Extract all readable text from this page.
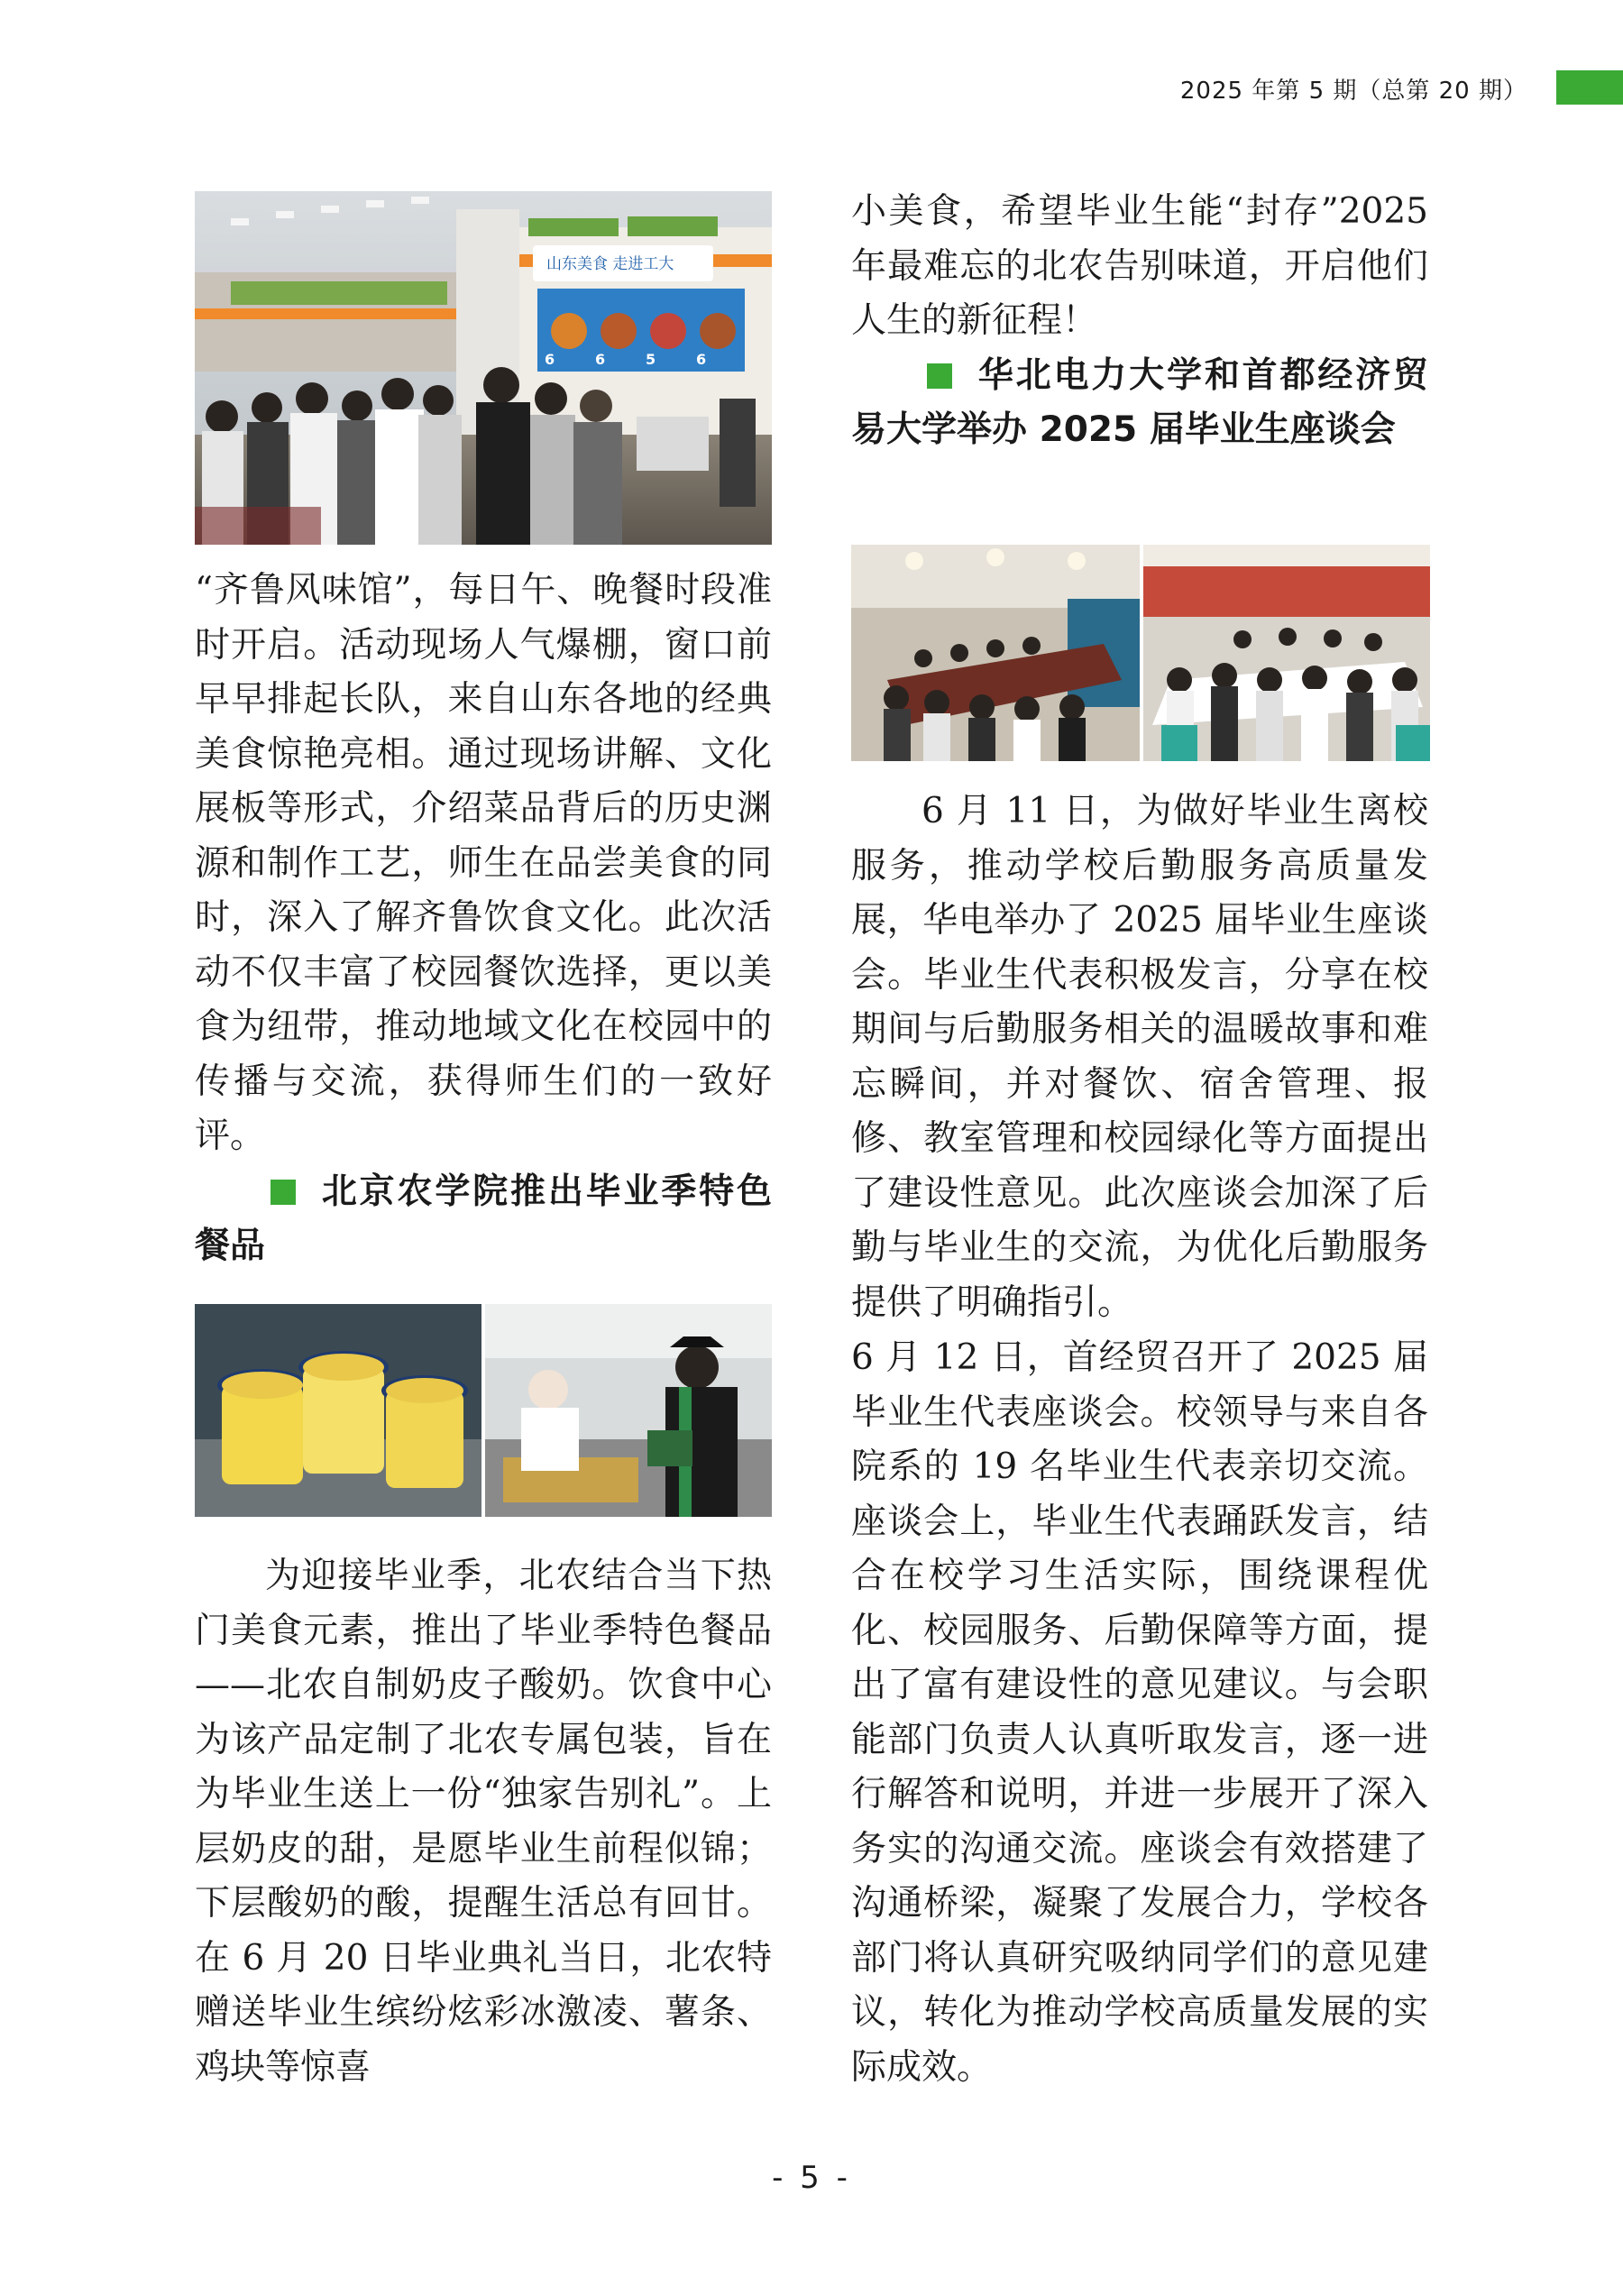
2025 年第 5 期（总第 20 期）
山东美食 走进工大
6	6	5	6
“齐鲁风味馆”，每日午、晚餐时段准时开启。活动现场人气爆棚，窗口前早早排起长队，来自山东各地的经典美食惊艳亮相。通过现场讲解、文化展板等形式，介绍菜品背后的历史渊源和制作工艺，师生在品尝美食的同时，深入了解齐鲁饮食文化。此次活动不仅丰富了校园餐饮选择，更以美食为纽带，推动地域文化在校园中的传播与交流，获得师生们的一致好评。
北京农学院推出毕业季特色餐品
为迎接毕业季，北农结合当下热门美食元素，推出了毕业季特色餐品——北农自制奶皮子酸奶。饮食中心为该产品定制了北农专属包装，旨在为毕业生送上一份“独家告别礼”。上层奶皮的甜，是愿毕业生前程似锦；下层酸奶的酸，提醒生活总有回甘。在 6 月 20 日毕业典礼当日，北农特赠送毕业生缤纷炫彩冰激凌、薯条、鸡块等惊喜
小美食，希望毕业生能“封存”2025 年最难忘的北农告别味道，开启他们人生的新征程！
华北电力大学和首都经济贸易大学举办 2025 届毕业生座谈会
6 月 11 日，为做好毕业生离校服务，推动学校后勤服务高质量发展，华电举办了 2025 届毕业生座谈会。毕业生代表积极发言，分享在校期间与后勤服务相关的温暖故事和难忘瞬间，并对餐饮、宿舍管理、报修、教室管理和校园绿化等方面提出了建设性意见。此次座谈会加深了后勤与毕业生的交流，为优化后勤服务提供了明确指引。
6 月 12 日，首经贸召开了 2025 届毕业生代表座谈会。校领导与来自各院系的 19 名毕业生代表亲切交流。座谈会上，毕业生代表踊跃发言，结合在校学习生活实际，围绕课程优化、校园服务、后勤保障等方面，提出了富有建设性的意见建议。与会职能部门负责人认真听取发言，逐一进行解答和说明，并进一步展开了深入务实的沟通交流。座谈会有效搭建了沟通桥梁，凝聚了发展合力，学校各部门将认真研究吸纳同学们的意见建议，转化为推动学校高质量发展的实际成效。
- 5 -
